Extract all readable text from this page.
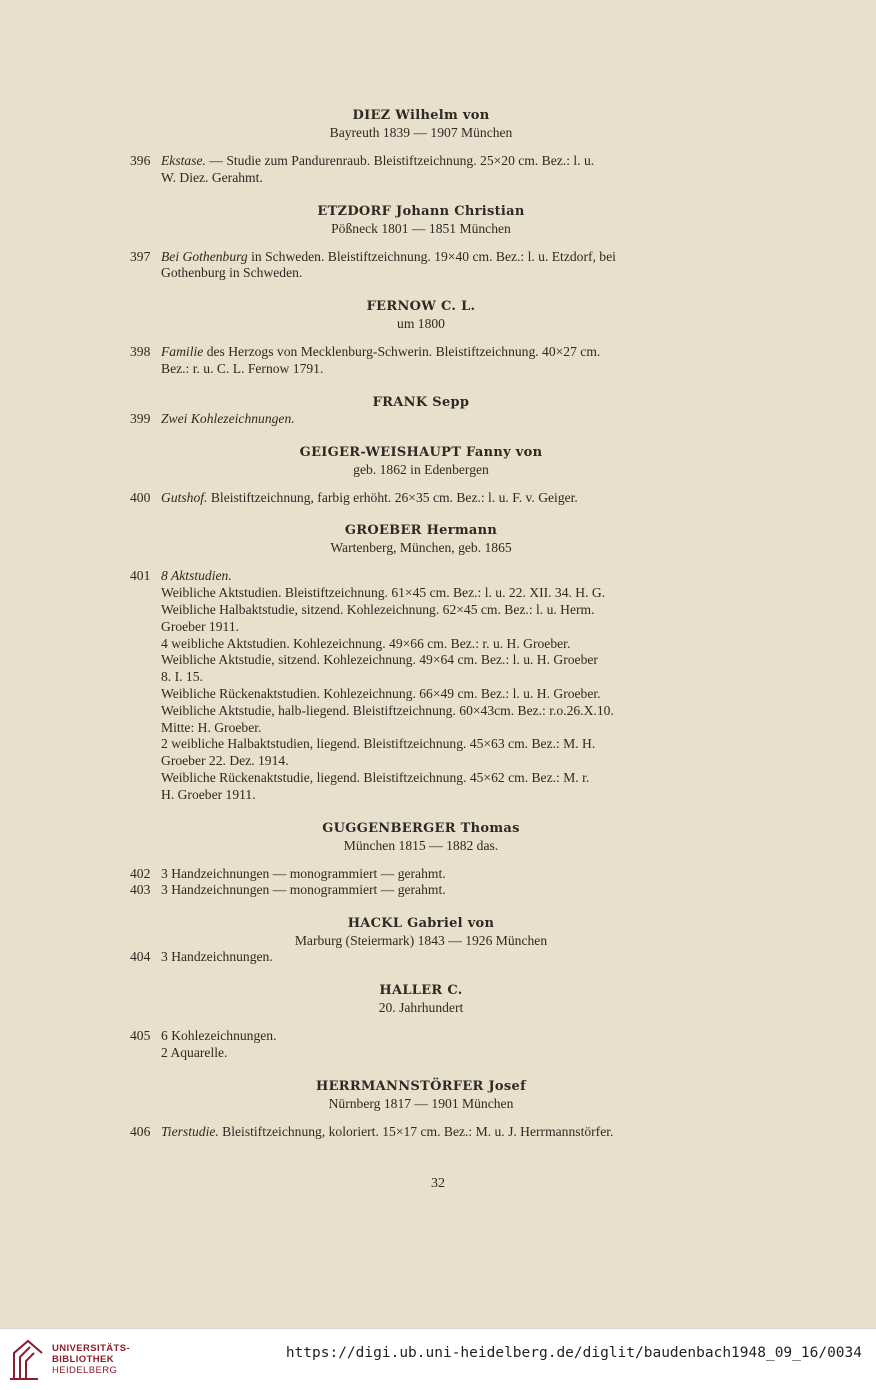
DIEZ Wilhelm von
Bayreuth 1839 — 1907 München
396 Ekstase. — Studie zum Pandurenraub. Bleistiftzeichnung. 25×20 cm. Bez.: l. u.
W. Diez. Gerahmt.
ETZDORF Johann Christian
Pößneck 1801 — 1851 München
397 Bei Gothenburg in Schweden. Bleistiftzeichnung. 19×40 cm. Bez.: l. u. Etzdorf, bei
Gothenburg in Schweden.
FERNOW C. L.
um 1800
398 Familie des Herzogs von Mecklenburg-Schwerin. Bleistiftzeichnung. 40×27 cm.
Bez.: r. u. C. L. Fernow 1791.
FRANK Sepp
399 Zwei Kohlezeichnungen.
GEIGER-WEISHAUPT Fanny von
geb. 1862 in Edenbergen
400 Gutshof. Bleistiftzeichnung, farbig erhöht. 26×35 cm. Bez.: l. u. F. v. Geiger.
GROEBER Hermann
Wartenberg, München, geb. 1865
401 8 Aktstudien.
Weibliche Aktstudien. Bleistiftzeichnung. 61×45 cm. Bez.: l. u. 22. XII. 34. H. G.
Weibliche Halbaktstudie, sitzend. Kohlezeichnung. 62×45 cm. Bez.: l. u. Herm.
Groeber 1911.
4 weibliche Aktstudien. Kohlezeichnung. 49×66 cm. Bez.: r. u. H. Groeber.
Weibliche Aktstudie, sitzend. Kohlezeichnung. 49×64 cm. Bez.: l. u. H. Groeber
8. I. 15.
Weibliche Rückenaktstudien. Kohlezeichnung. 66×49 cm. Bez.: l. u. H. Groeber.
Weibliche Aktstudie, halb-liegend. Bleistiftzeichnung. 60×43cm. Bez.: r.o.26.X.10.
Mitte: H. Groeber.
2 weibliche Halbaktstudien, liegend. Bleistiftzeichnung. 45×63 cm. Bez.: M. H.
Groeber 22. Dez. 1914.
Weibliche Rückenaktstudie, liegend. Bleistiftzeichnung. 45×62 cm. Bez.: M. r.
H. Groeber 1911.
GUGGENBERGER Thomas
München 1815 — 1882 das.
402 3 Handzeichnungen — monogrammiert — gerahmt.
403 3 Handzeichnungen — monogrammiert — gerahmt.
HACKL Gabriel von
Marburg (Steiermark) 1843 — 1926 München
404 3 Handzeichnungen.
HALLER C.
20. Jahrhundert
405 6 Kohlezeichnungen.
2 Aquarelle.
HERRMANNSTÖRFER Josef
Nürnberg 1817 — 1901 München
406 Tierstudie. Bleistiftzeichnung, koloriert. 15×17 cm. Bez.: M. u. J. Herrmannstörfer.
32
UNIVERSITÄTS-
BIBLIOTHEK
HEIDELBERG
https://digi.ub.uni-heidelberg.de/diglit/baudenbach1948_09_16/0034
